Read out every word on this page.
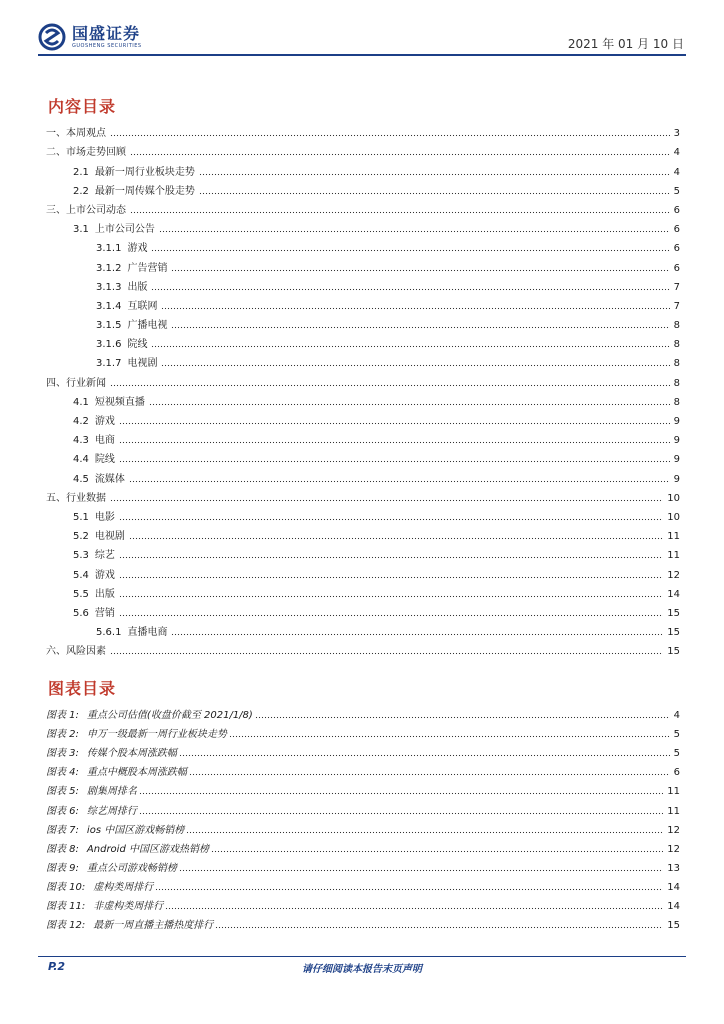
国盛证券
GUOSHENG SECURITIES	2021 年 01 月 10 日
内容目录
一、本周观点	3
二、市场走势回顾	4
2.1 最新一周行业板块走势	4
2.2 最新一周传媒个股走势	5
三、上市公司动态	6
3.1 上市公司公告	6
3.1.1 游戏	6
3.1.2 广告营销	6
3.1.3 出版	7
3.1.4 互联网	7
3.1.5 广播电视	8
3.1.6 院线	8
3.1.7 电视剧	8
四、行业新闻	8
4.1 短视频直播	8
4.2 游戏	9
4.3 电商	9
4.4 院线	9
4.5 流媒体	9
五、行业数据	10
5.1 电影	10
5.2 电视剧	11
5.3 综艺	11
5.4 游戏	12
5.5 出版	14
5.6 营销	15
5.6.1 直播电商	15
六、风险因素	15
图表目录
图表 1: 重点公司估值(收盘价截至 2021/1/8)	4
图表 2: 申万一级最新一周行业板块走势	5
图表 3: 传媒个股本周涨跌幅	5
图表 4: 重点中概股本周涨跌幅	6
图表 5: 剧集周排名	11
图表 6: 综艺周排行	11
图表 7: ios 中国区游戏畅销榜	12
图表 8: Android 中国区游戏热销榜	12
图表 9: 重点公司游戏畅销榜	13
图表 10: 虚构类周排行	14
图表 11: 非虚构类周排行	14
图表 12: 最新一周直播主播热度排行	15
P.2	请仔细阅读本报告末页声明
